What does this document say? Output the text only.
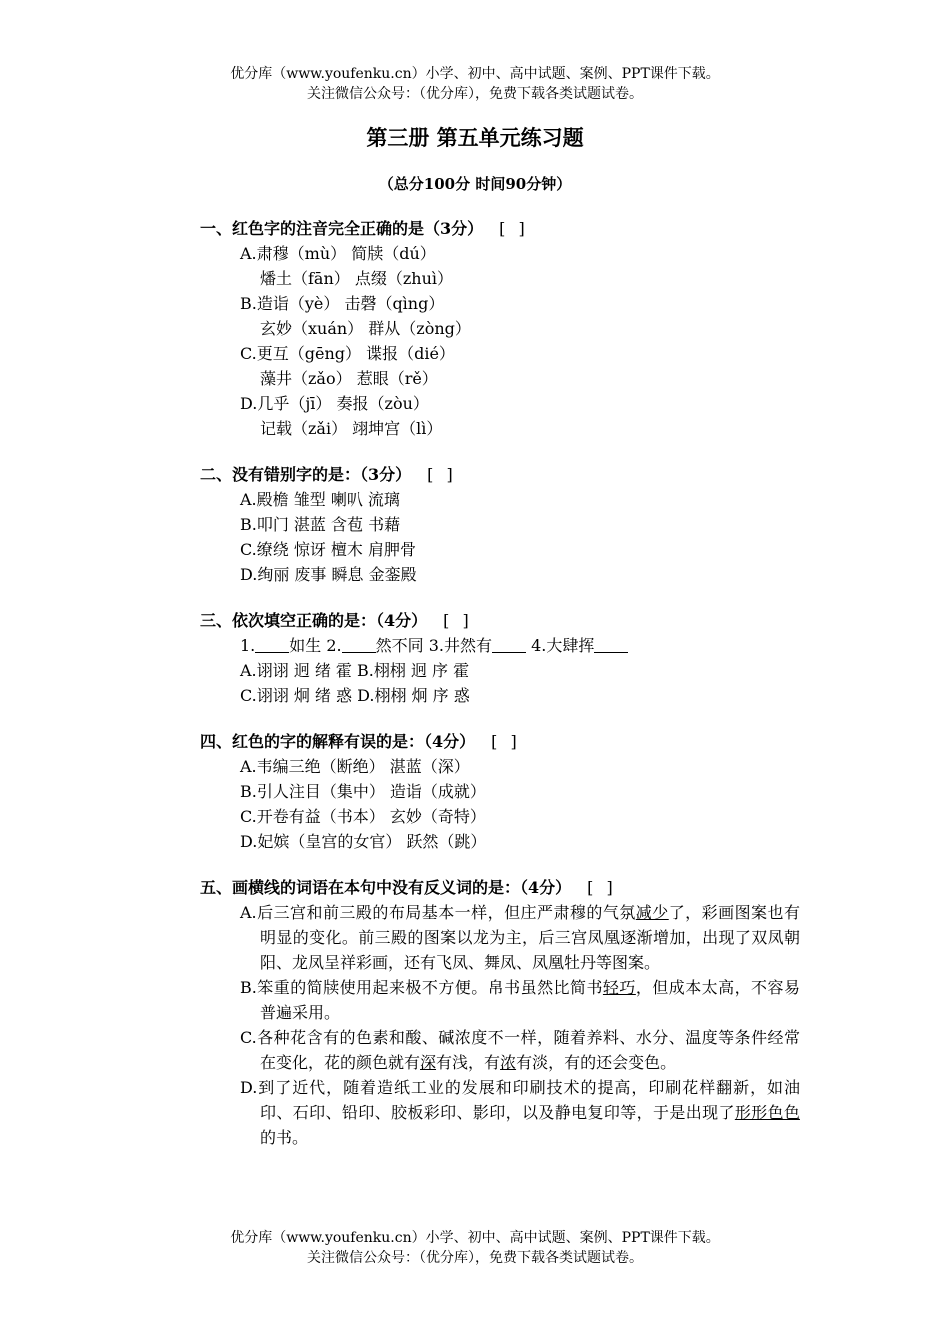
优分库（www.youfenku.cn）小学、初中、高中试题、案例、PPT课件下载。
关注微信公众号：（优分库），免费下载各类试题试卷。
第三册 第五单元练习题
（总分100分 时间90分钟）
一、红色字的注音完全正确的是（3分） [ ]
A.肃穆（mù） 简牍（dú）
燔土（fān） 点缀（zhuì）
B.造诣（yè） 击磬（qìng）
玄妙（xuán） 群从（zòng）
C.更互（gēng） 谍报（dié）
藻井（zǎo） 惹眼（rě）
D.几乎（jī） 奏报（zòu）
记载（zǎi） 翊坤宫（lì）
二、没有错别字的是：（3分） [ ]
A.殿檐 雏型 喇叭 流璃
B.叩门 湛蓝 含苞 书藉
C.缭绕 惊讶 檀木 肩胛骨
D.绚丽 废事 瞬息 金銮殿
三、依次填空正确的是：（4分） [ ]
1. 如生 2. 然不同 3.井然有 4.大肆挥
A.诩诩 迥 绪 霍 B.栩栩 迥 序 霍
C.诩诩 炯 绪 惑 D.栩栩 炯 序 惑
四、红色的字的解释有误的是：（4分） [ ]
A.韦编三绝（断绝） 湛蓝（深）
B.引人注目（集中） 造诣（成就）
C.开卷有益（书本） 玄妙（奇特）
D.妃嫔（皇宫的女官） 跃然（跳）
五、画横线的词语在本句中没有反义词的是：（4分） [ ]
A.后三宫和前三殿的布局基本一样，但庄严肃穆的气氛减少了，彩画图案也有明显的变化。前三殿的图案以龙为主，后三宫凤凰逐渐增加，出现了双凤朝阳、龙凤呈祥彩画，还有飞凤、舞凤、凤凰牡丹等图案。
B.笨重的简牍使用起来极不方便。帛书虽然比简书轻巧，但成本太高，不容易普遍采用。
C.各种花含有的色素和酸、碱浓度不一样，随着养料、水分、温度等条件经常在变化，花的颜色就有深有浅，有浓有淡，有的还会变色。
D.到了近代，随着造纸工业的发展和印刷技术的提高，印刷花样翻新，如油印、石印、铅印、胶板彩印、影印，以及静电复印等，于是出现了形形色色的书。
优分库（www.youfenku.cn）小学、初中、高中试题、案例、PPT课件下载。
关注微信公众号：（优分库），免费下载各类试题试卷。
